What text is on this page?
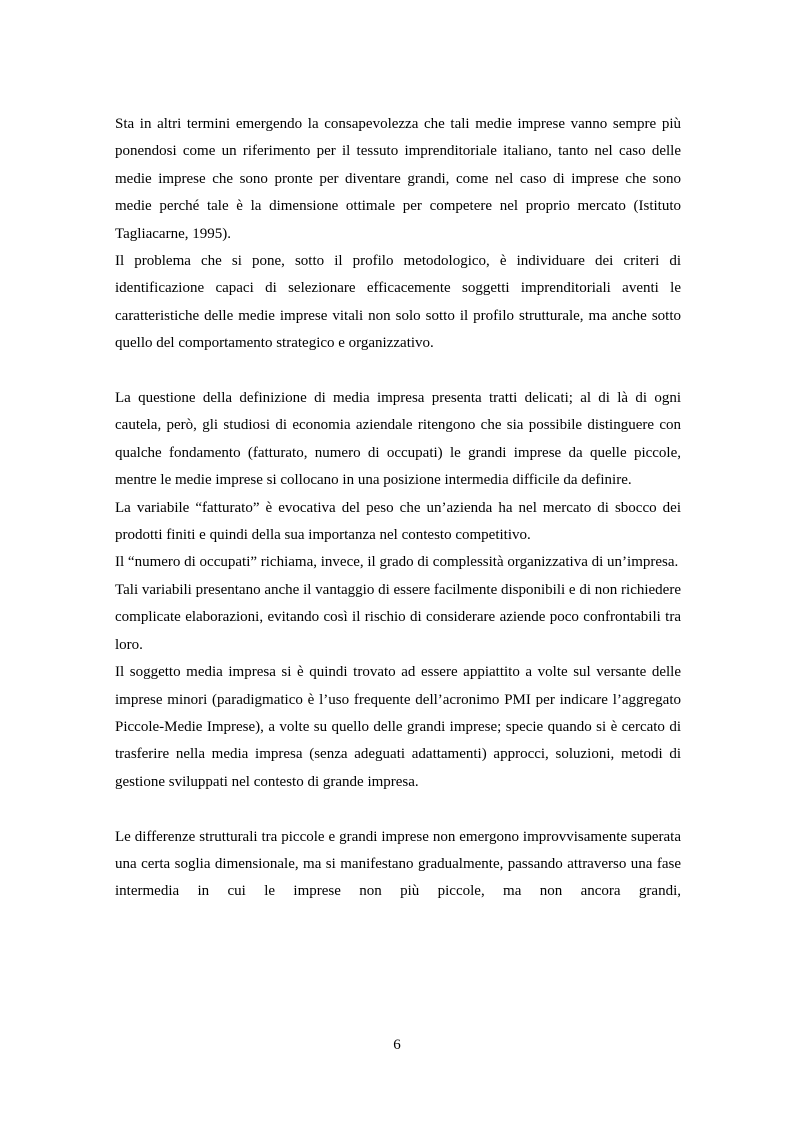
Sta in altri termini emergendo la consapevolezza che tali medie imprese vanno sempre più ponendosi come un riferimento per il tessuto imprenditoriale italiano, tanto nel caso delle medie imprese che sono pronte per diventare grandi, come nel caso di imprese che sono medie perché tale è la dimensione ottimale per competere nel proprio mercato (Istituto Tagliacarne, 1995).

Il problema che si pone, sotto il profilo metodologico, è individuare dei criteri di identificazione capaci di selezionare efficacemente soggetti imprenditoriali aventi le caratteristiche delle medie imprese vitali non solo sotto il profilo strutturale, ma anche sotto quello del comportamento strategico e organizzativo.

La questione della definizione di media impresa presenta tratti delicati; al di là di ogni cautela, però, gli studiosi di economia aziendale ritengono che sia possibile distinguere con qualche fondamento (fatturato, numero di occupati) le grandi imprese da quelle piccole, mentre le medie imprese si collocano in una posizione intermedia difficile da definire.

La variabile “fatturato” è evocativa del peso che un’azienda ha nel mercato di sbocco dei prodotti finiti e quindi della sua importanza nel contesto competitivo.

Il “numero di occupati” richiama, invece, il grado di complessità organizzativa di un’impresa.

Tali variabili presentano anche il vantaggio di essere facilmente disponibili e di non richiedere complicate elaborazioni, evitando così il rischio di considerare aziende poco confrontabili tra loro.

Il soggetto media impresa si è quindi trovato ad essere appiattito a volte sul versante delle imprese minori (paradigmatico è l’uso frequente dell’acronimo PMI per indicare l’aggregato Piccole-Medie Imprese), a volte su quello delle grandi imprese; specie quando si è cercato di trasferire nella media impresa (senza adeguati adattamenti) approcci, soluzioni, metodi di gestione sviluppati nel contesto di grande impresa.

Le differenze strutturali tra piccole e grandi imprese non emergono improvvisamente superata una certa soglia dimensionale, ma si manifestano gradualmente, passando attraverso una fase intermedia in cui le imprese non più piccole, ma non ancora grandi,

6
